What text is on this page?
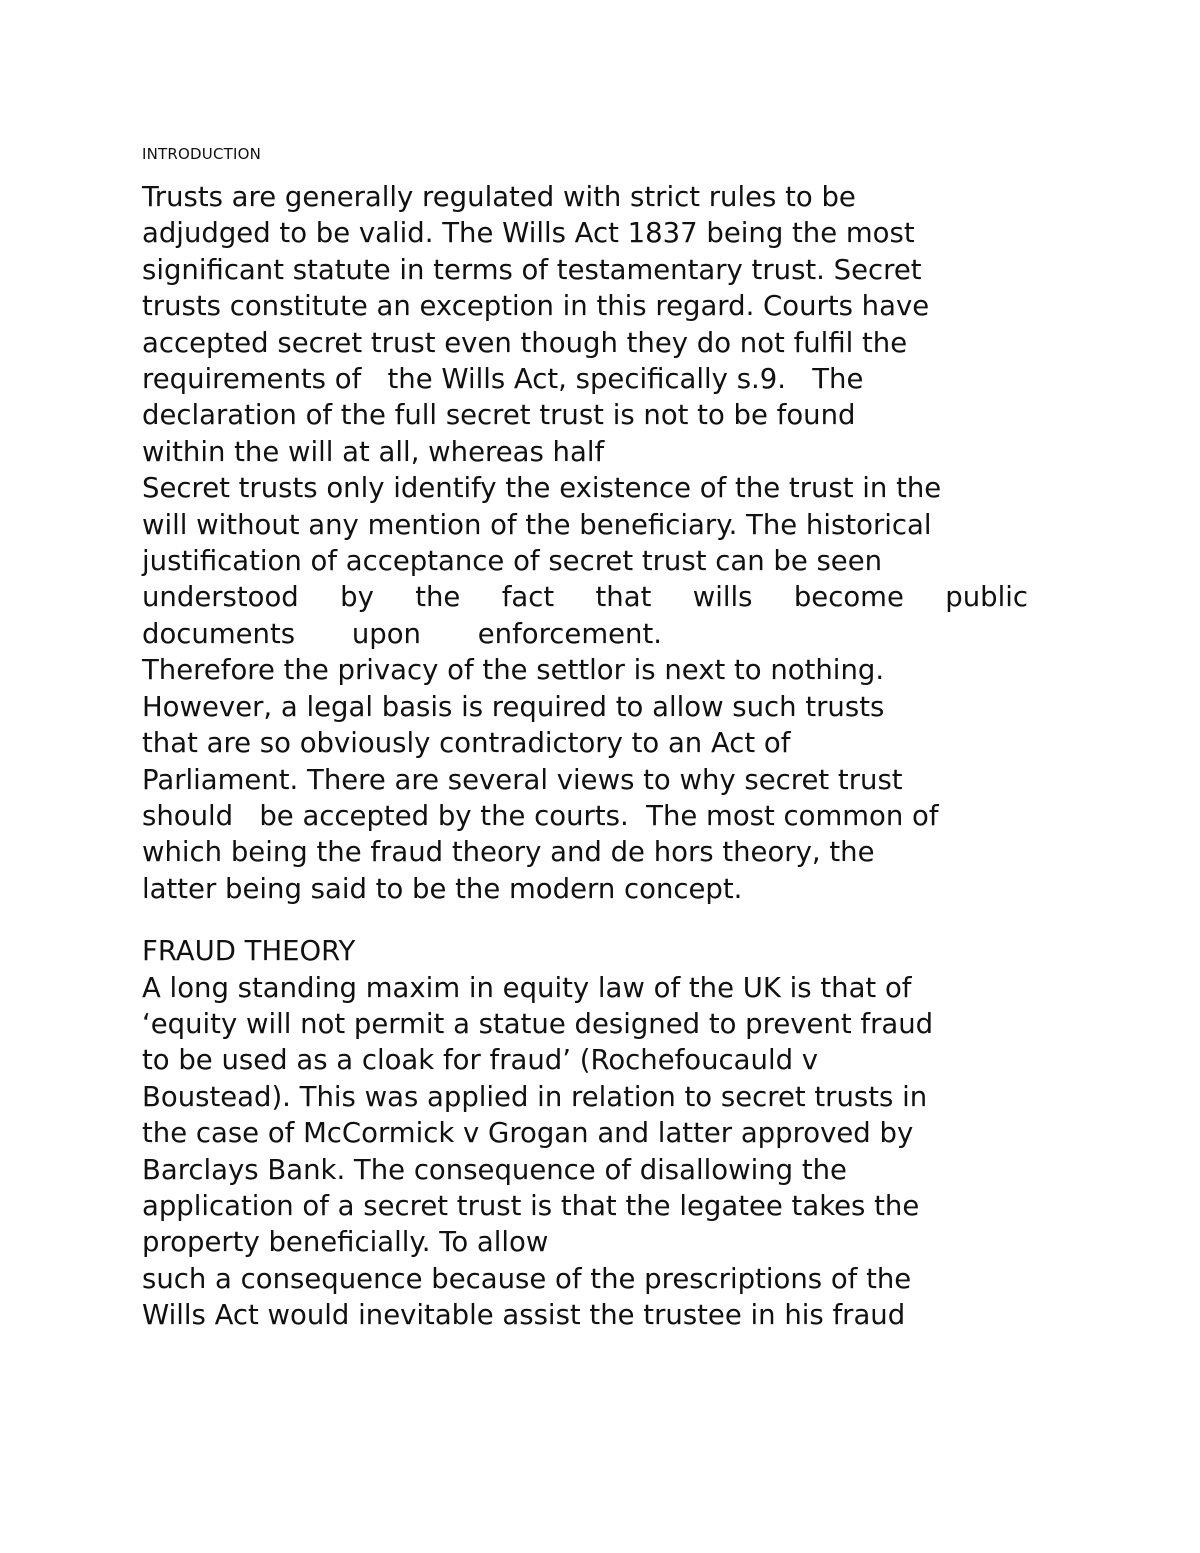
INTRODUCTION
Trusts are generally regulated with strict rules to be
adjudged to be valid. The Wills Act 1837 being the most
significant statute in terms of testamentary trust. Secret
trusts constitute an exception in this regard. Courts have
accepted secret trust even though they do not fulfil the
requirements of   the Wills Act, specifically s.9.   The
declaration of the full secret trust is not to be found
within the will at all, whereas half
Secret trusts only identify the existence of the trust in the
will without any mention of the beneficiary. The historical
justification of acceptance of secret trust can be seen
understood by the fact that wills become public
documents upon enforcement.
Therefore the privacy of the settlor is next to nothing.
However, a legal basis is required to allow such trusts
that are so obviously contradictory to an Act of
Parliament. There are several views to why secret trust
should   be accepted by the courts.  The most common of
which being the fraud theory and de hors theory, the
latter being said to be the modern concept.
FRAUD THEORY
A long standing maxim in equity law of the UK is that of
‘equity will not permit a statue designed to prevent fraud
to be used as a cloak for fraud’ (Rochefoucauld v
Boustead). This was applied in relation to secret trusts in
the case of McCormick v Grogan and latter approved by
Barclays Bank. The consequence of disallowing the
application of a secret trust is that the legatee takes the
property beneficially. To allow
such a consequence because of the prescriptions of the
Wills Act would inevitable assist the trustee in his fraud
